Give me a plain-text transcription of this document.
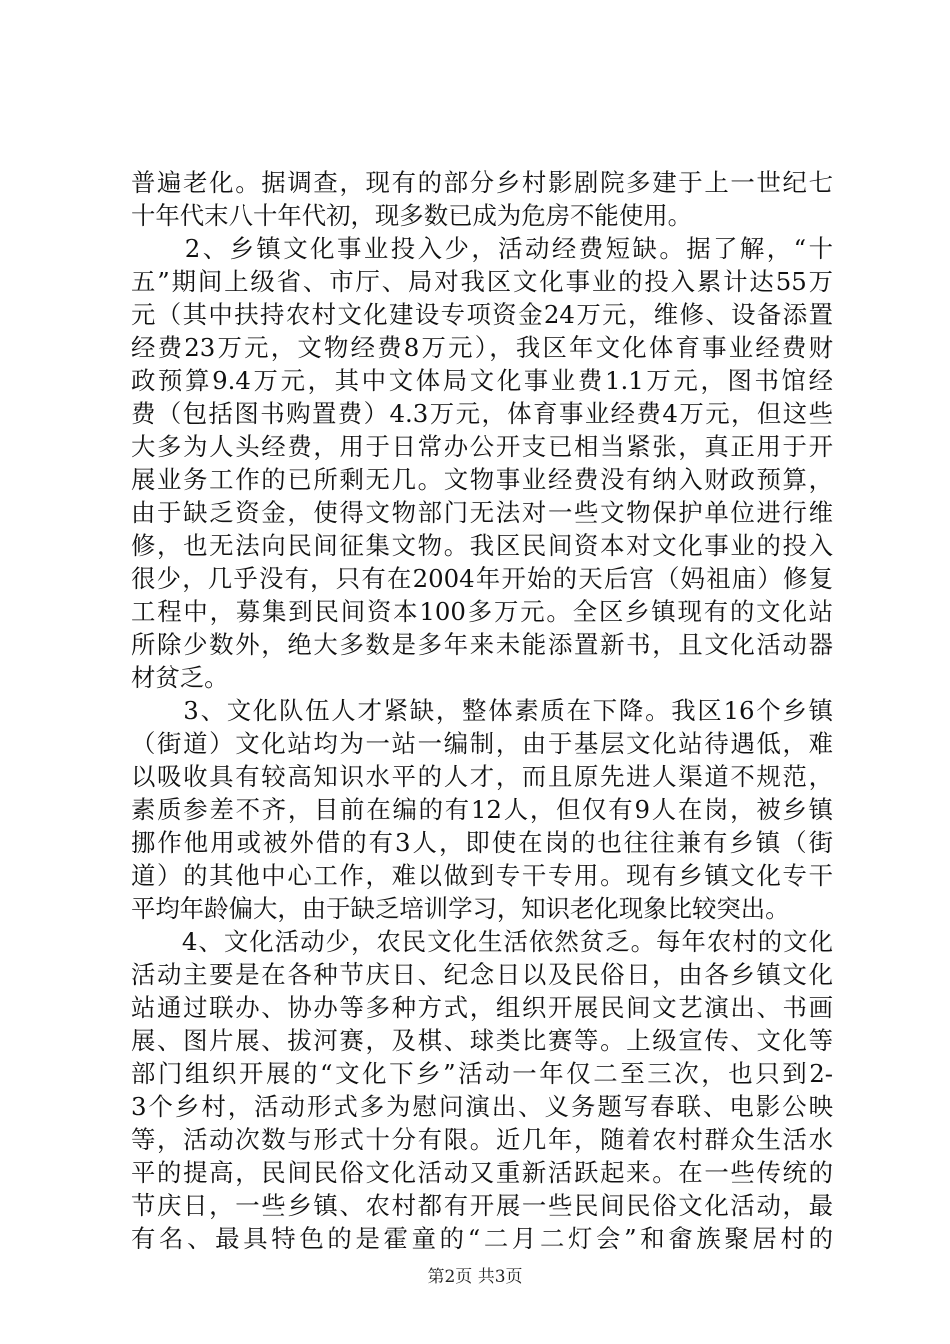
普遍老化。据调查，现有的部分乡村影剧院多建于上一世纪七
十年代末八十年代初，现多数已成为危房不能使用。
　　2、乡镇文化事业投入少，活动经费短缺。据了解，“十
五”期间上级省、市厅、局对我区文化事业的投入累计达55万
元（其中扶持农村文化建设专项资金24万元，维修、设备添置
经费23万元，文物经费8万元），我区年文化体育事业经费财
政预算9.4万元，其中文体局文化事业费1.1万元，图书馆经
费（包括图书购置费）4.3万元，体育事业经费4万元，但这些
大多为人头经费，用于日常办公开支已相当紧张，真正用于开
展业务工作的已所剩无几。文物事业经费没有纳入财政预算，
由于缺乏资金，使得文物部门无法对一些文物保护单位进行维
修，也无法向民间征集文物。我区民间资本对文化事业的投入
很少，几乎没有，只有在2004年开始的天后宫（妈祖庙）修复
工程中，募集到民间资本100多万元。全区乡镇现有的文化站
所除少数外，绝大多数是多年来未能添置新书，且文化活动器
材贫乏。
　　3、文化队伍人才紧缺，整体素质在下降。我区16个乡镇
（街道）文化站均为一站一编制，由于基层文化站待遇低，难
以吸收具有较高知识水平的人才，而且原先进人渠道不规范，
素质参差不齐，目前在编的有12人，但仅有9人在岗，被乡镇
挪作他用或被外借的有3人，即使在岗的也往往兼有乡镇（街
道）的其他中心工作，难以做到专干专用。现有乡镇文化专干
平均年龄偏大，由于缺乏培训学习，知识老化现象比较突出。
　　4、文化活动少，农民文化生活依然贫乏。每年农村的文化
活动主要是在各种节庆日、纪念日以及民俗日，由各乡镇文化
站通过联办、协办等多种方式，组织开展民间文艺演出、书画
展、图片展、拔河赛，及棋、球类比赛等。上级宣传、文化等
部门组织开展的“文化下乡”活动一年仅二至三次，也只到2-
3个乡村，活动形式多为慰问演出、义务题写春联、电影公映
等，活动次数与形式十分有限。近几年，随着农村群众生活水
平的提高，民间民俗文化活动又重新活跃起来。在一些传统的
节庆日，一些乡镇、农村都有开展一些民间民俗文化活动，最
有名、最具特色的是霍童的“二月二灯会”和畲族聚居村的
第2页 共3页
